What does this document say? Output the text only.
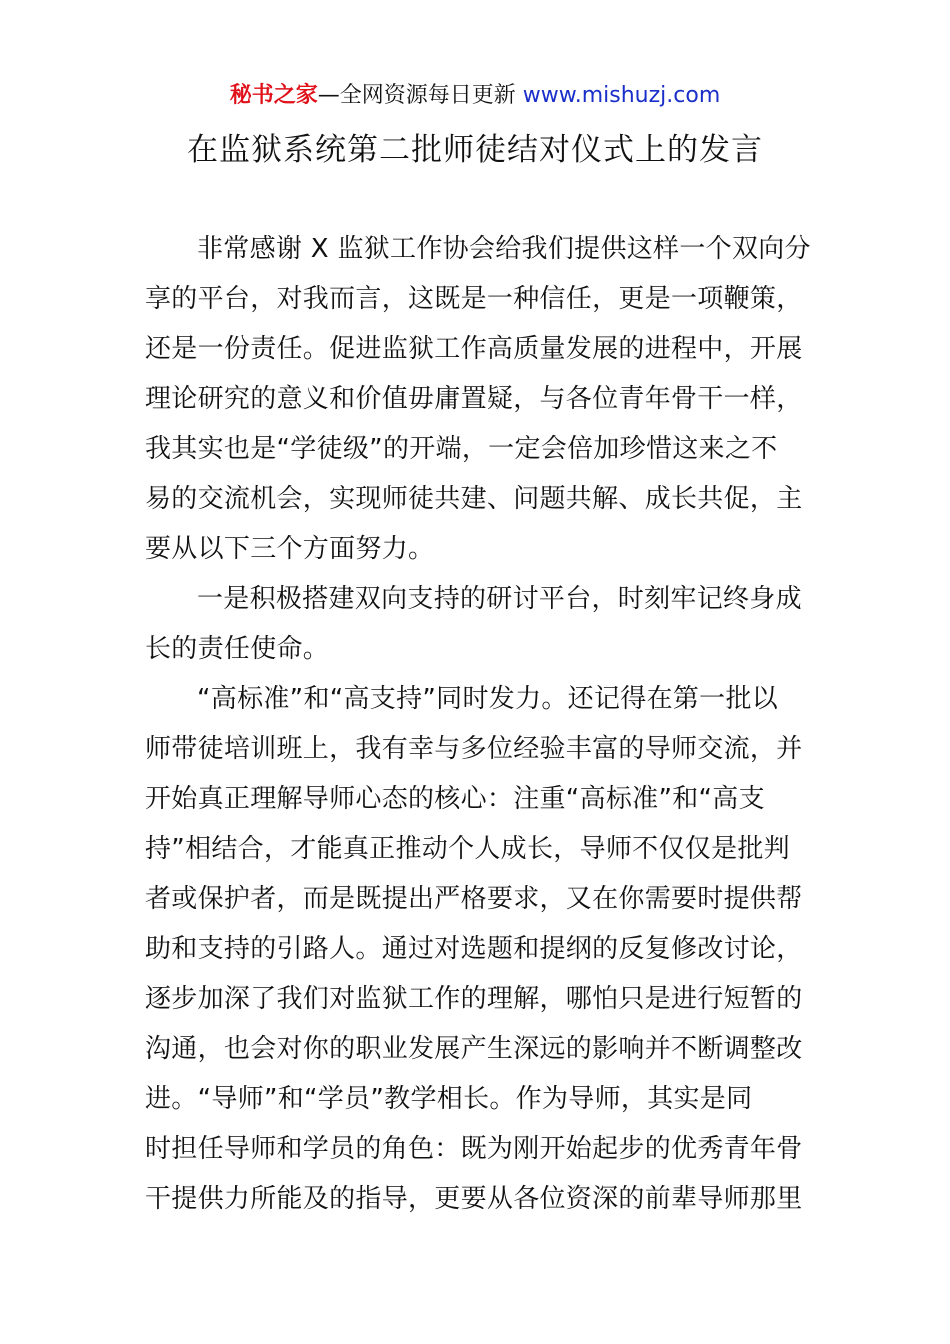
秘书之家—全网资源每日更新 www.mishuzj.com
在监狱系统第二批师徒结对仪式上的发言
非常感谢 X 监狱工作协会给我们提供这样一个双向分
享的平台，对我而言，这既是一种信任，更是一项鞭策，
还是一份责任。促进监狱工作高质量发展的进程中，开展
理论研究的意义和价值毋庸置疑，与各位青年骨干一样，
我其实也是“学徒级”的开端，一定会倍加珍惜这来之不
易的交流机会，实现师徒共建、问题共解、成长共促，主
要从以下三个方面努力。
一是积极搭建双向支持的研讨平台，时刻牢记终身成
长的责任使命。
“高标准”和“高支持”同时发力。还记得在第一批以
师带徒培训班上，我有幸与多位经验丰富的导师交流，并
开始真正理解导师心态的核心：注重“高标准”和“高支
持”相结合，才能真正推动个人成长，导师不仅仅是批判
者或保护者，而是既提出严格要求，又在你需要时提供帮
助和支持的引路人。通过对选题和提纲的反复修改讨论，
逐步加深了我们对监狱工作的理解，哪怕只是进行短暂的
沟通，也会对你的职业发展产生深远的影响并不断调整改
进。“导师”和“学员”教学相长。作为导师，其实是同
时担任导师和学员的角色：既为刚开始起步的优秀青年骨
干提供力所能及的指导，更要从各位资深的前辈导师那里
